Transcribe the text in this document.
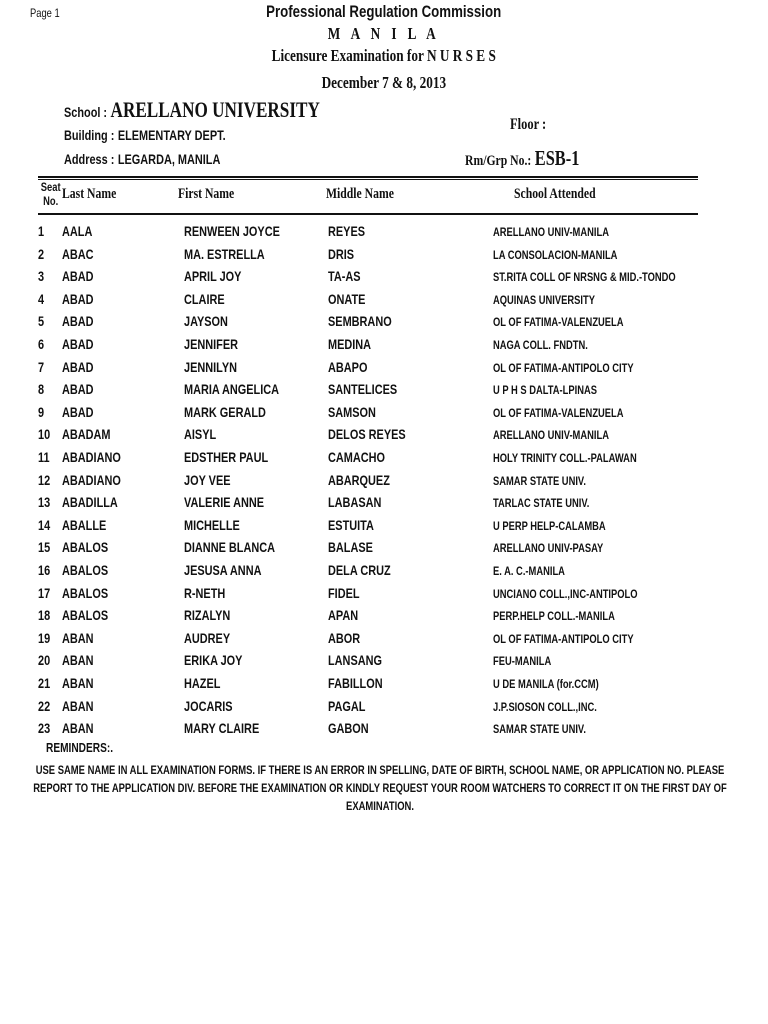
Page 1	Professional Regulation Commission
M A N I L A
Licensure Examination for N U R S E S
December 7 & 8, 2013
School : ARELLANO UNIVERSITY
Building : ELEMENTARY DEPT.
Address : LEGARDA, MANILA
Floor :
Rm/Grp No.: ESB-1
Seat
No. Last Name	First Name	Middle Name	School Attended
1 AALA	RENWEEN JOYCE	REYES	ARELLANO UNIV-MANILA
2 ABAC	MA. ESTRELLA	DRIS	LA CONSOLACION-MANILA
3 ABAD	APRIL JOY	TA-AS	ST.RITA COLL OF NRSNG & MID.-TONDO
4 ABAD	CLAIRE	ONATE	AQUINAS UNIVERSITY
5 ABAD	JAYSON	SEMBRANO	OL OF FATIMA-VALENZUELA
6 ABAD	JENNIFER	MEDINA	NAGA COLL. FNDTN.
7 ABAD	JENNILYN	ABAPO	OL OF FATIMA-ANTIPOLO CITY
8 ABAD	MARIA ANGELICA	SANTELICES	U P H S DALTA-LPINAS
9 ABAD	MARK GERALD	SAMSON	OL OF FATIMA-VALENZUELA
10 ABADAM	AISYL	DELOS REYES	ARELLANO UNIV-MANILA
11 ABADIANO	EDSTHER PAUL	CAMACHO	HOLY TRINITY COLL.-PALAWAN
12 ABADIANO	JOY VEE	ABARQUEZ	SAMAR STATE UNIV.
13 ABADILLA	VALERIE ANNE	LABASAN	TARLAC STATE UNIV.
14 ABALLE	MICHELLE	ESTUITA	U PERP HELP-CALAMBA
15 ABALOS	DIANNE BLANCA	BALASE	ARELLANO UNIV-PASAY
16 ABALOS	JESUSA ANNA	DELA CRUZ	E. A. C.-MANILA
17 ABALOS	R-NETH	FIDEL	UNCIANO COLL.,INC-ANTIPOLO
18 ABALOS	RIZALYN	APAN	PERP.HELP COLL.-MANILA
19 ABAN	AUDREY	ABOR	OL OF FATIMA-ANTIPOLO CITY
20 ABAN	ERIKA JOY	LANSANG	FEU-MANILA
21 ABAN	HAZEL	FABILLON	U DE MANILA (for.CCM)
22 ABAN	JOCARIS	PAGAL	J.P.SIOSON COLL.,INC.
23 ABAN	MARY CLAIRE	GABON	SAMAR STATE UNIV.
REMINDERS:.
USE SAME NAME IN ALL EXAMINATION FORMS. IF THERE IS AN ERROR IN SPELLING, DATE OF BIRTH, SCHOOL NAME, OR APPLICATION NO. PLEASE REPORT TO THE APPLICATION DIV. BEFORE THE EXAMINATION OR KINDLY REQUEST YOUR ROOM WATCHERS TO CORRECT IT ON THE FIRST DAY OF EXAMINATION.
